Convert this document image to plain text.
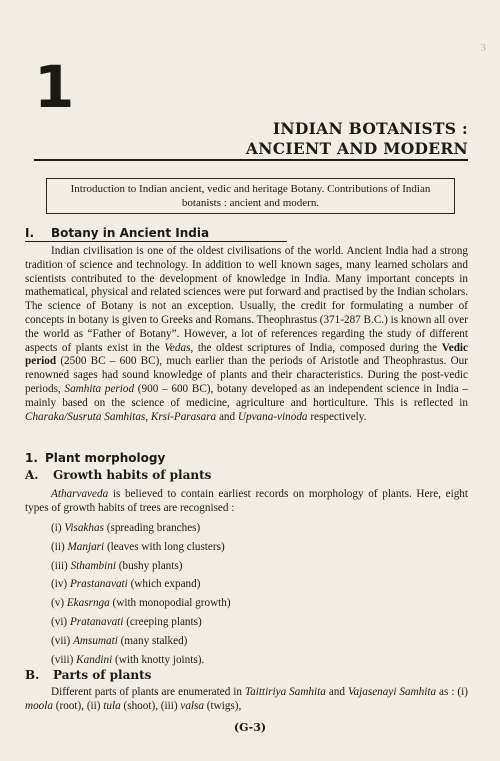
3
1
INDIAN BOTANISTS :
ANCIENT AND MODERN
Introduction to Indian ancient, vedic and heritage Botany. Contributions of Indian botanists : ancient and modern.
I. Botany in Ancient India

Indian civilisation is one of the oldest civilisations of the world. Ancient India had a strong tradition of science and technology. In addition to well known sages, many learned scholars and scientists contributed to the development of knowledge in India. Many important concepts in mathematical, physical and related sciences were put forward and practised by the Indian scholars. The science of Botany is not an exception. Usually, the credit for formulating a number of concepts in botany is given to Greeks and Romans. Theophrastus (371-287 B.C.) is known all over the world as “Father of Botany”. However, a lot of references regarding the study of different aspects of plants exist in the Vedas, the oldest scriptures of India, composed during the Vedic period (2500 BC – 600 BC), much earlier than the periods of Aristotle and Theophrastus. Our renowned sages had sound knowledge of plants and their characteristics. During the post-vedic periods, Samhita period (900 – 600 BC), botany developed as an independent science in India – mainly based on the science of medicine, agriculture and horticulture. This is reflected in Charaka/Susruta Samhitas, Krsi-Parasara and Upvana-vinoda respectively.

1. Plant morphology
A. Growth habits of plants

Atharvaveda is believed to contain earliest records on morphology of plants. Here, eight types of growth habits of trees are recognised :

(i) Visakhas (spreading branches)
(ii) Manjari (leaves with long clusters)
(iii) Sthambini (bushy plants)
(iv) Prastanavati (which expand)
(v) Ekasrnga (with monopodial growth)
(vi) Pratanavati (creeping plants)
(vii) Amsumati (many stalked)
(viii) Kandini (with knotty joints).
B. Parts of plants

Different parts of plants are enumerated in Taittiriya Samhita and Vajasenayi Samhita as : (i) moola (root), (ii) tula (shoot), (iii) valsa (twigs),

(G-3)
